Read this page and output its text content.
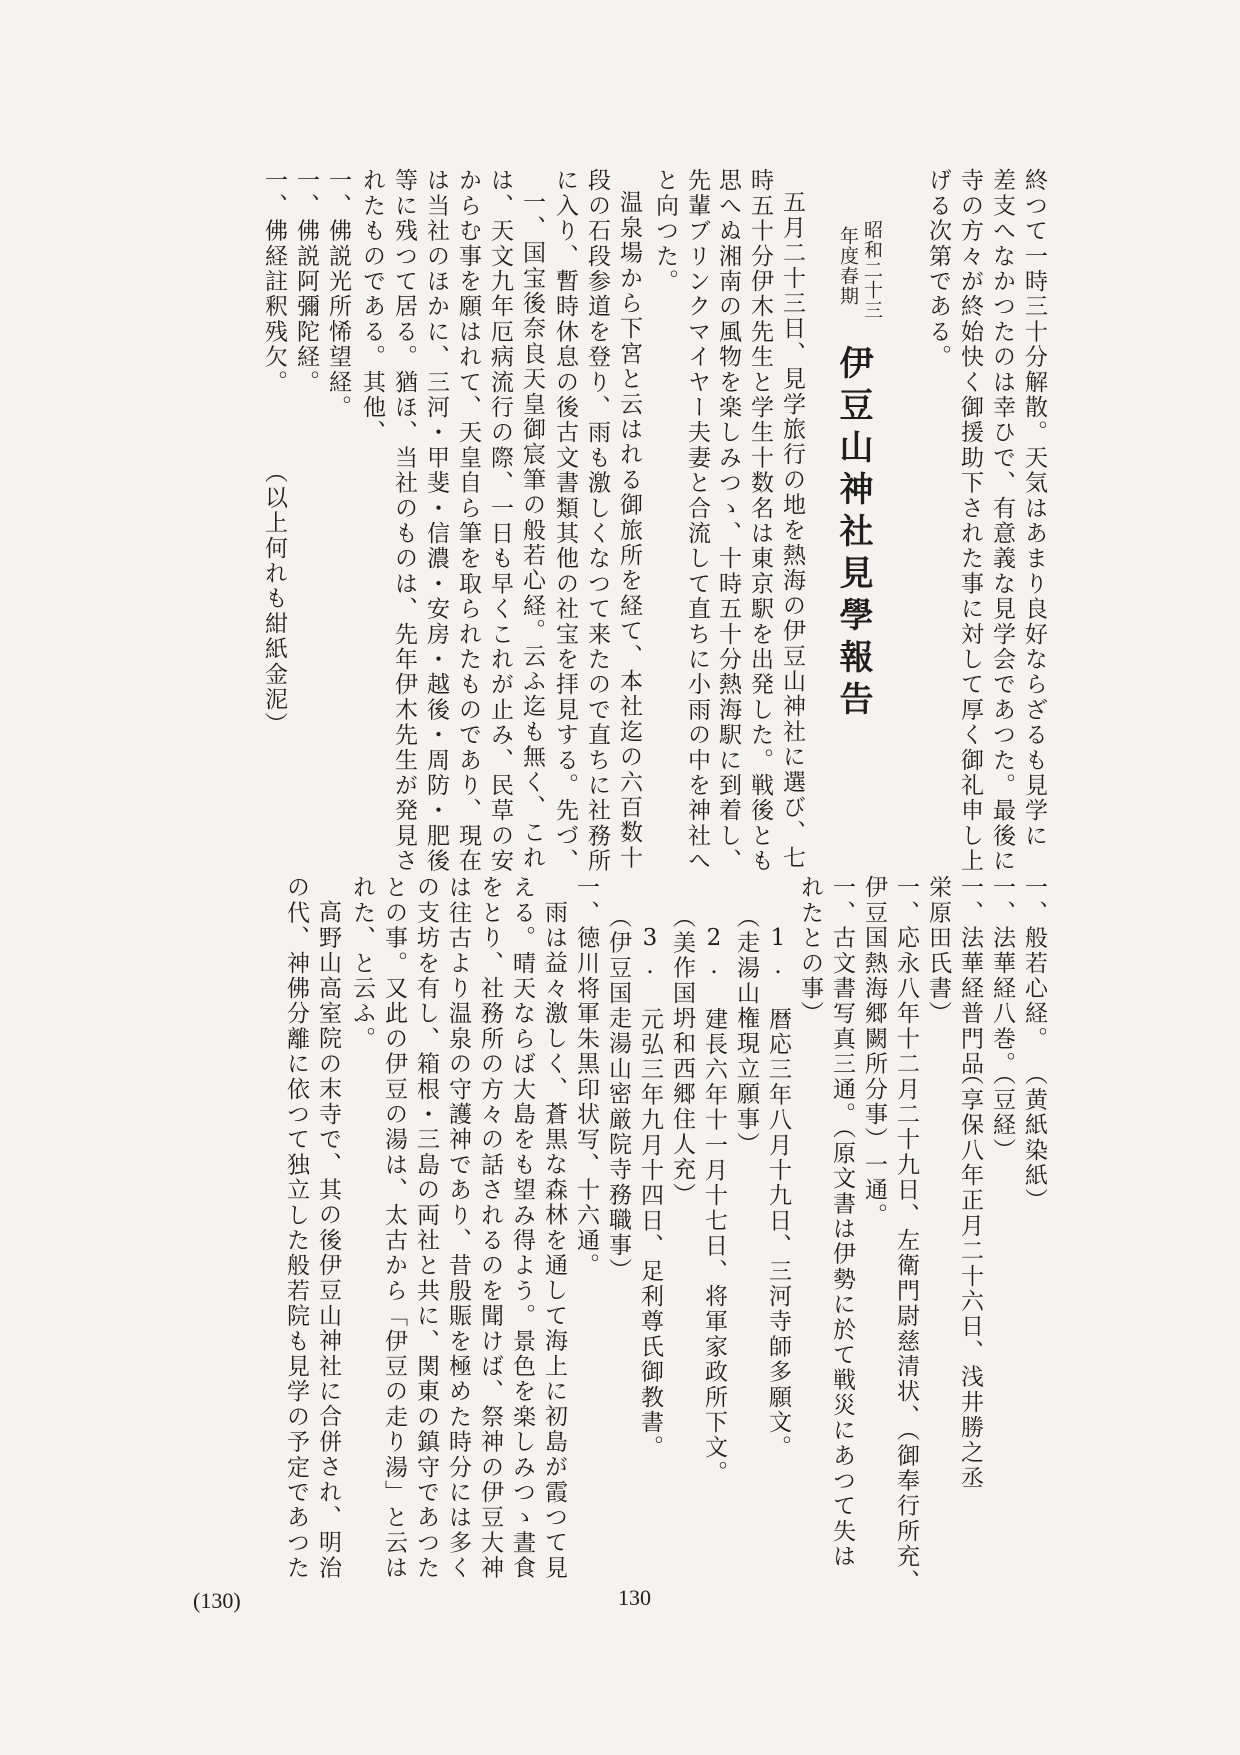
終つて一時三十分解散。天気はあまり良好ならざるも見学に
差支へなかつたのは幸ひで、有意義な見学会であつた。最後に
寺の方々が終始快く御援助下された事に対して厚く御礼申し上
げる次第である。
昭和二十三
年度春期
伊豆山神社見學報告
五月二十三日、見学旅行の地を熱海の伊豆山神社に選び、七
時五十分伊木先生と学生十数名は東京駅を出発した。戦後とも
思へぬ湘南の風物を楽しみつゝ、十時五十分熱海駅に到着し、
先輩ブリンクマイヤー夫妻と合流して直ちに小雨の中を神社へ
と向つた。
温泉場から下宮と云はれる御旅所を経て、本社迄の六百数十
段の石段参道を登り、雨も激しくなつて来たので直ちに社務所
に入り、暫時休息の後古文書類其他の社宝を拝見する。先づ、
一、国宝後奈良天皇御宸筆の般若心経。云ふ迄も無く、これ
は、天文九年厄病流行の際、一日も早くこれが止み、民草の安
からむ事を願はれて、天皇自ら筆を取られたものであり、現在
は当社のほかに、三河・甲斐・信濃・安房・越後・周防・肥後
等に残つて居る。猶ほ、当社のものは、先年伊木先生が発見さ
れたものである。其他、
一、佛説光所悕望経。
一、佛説阿彌陀経。
一、佛経註釈残欠。
（以上何れも紺紙金泥）
一、般若心経。
（黄紙染紙）
一、法華経八巻。
（豆経）
一、法華経普門品
（享保八年正月二十六日、浅井勝之丞
栄原田氏書）
一、応永八年十二月二十九日、左衛門尉慈清状、（御奉行所充、
伊豆国熱海郷闕所分事）一通。
一、古文書写真三通。（原文書は伊勢に於て戦災にあつて失は
れたとの事）
1.　暦応三年八月十九日、三河寺師多願文。
（走湯山権現立願事）
2.　建長六年十一月十七日、将軍家政所下文。
（美作国坍和西郷住人充）
3.　元弘三年九月十四日、足利尊氏御教書。
（伊豆国走湯山密厳院寺務職事）
一、徳川将軍朱黒印状写、十六通。
雨は益々激しく、蒼黒な森林を通して海上に初島が霞つて見
える。晴天ならば大島をも望み得よう。景色を楽しみつゝ晝食
をとり、社務所の方々の話されるのを聞けば、祭神の伊豆大神
は往古より温泉の守護神であり、昔殷賑を極めた時分には多く
の支坊を有し、箱根・三島の両社と共に、関東の鎮守であつた
との事。又此の伊豆の湯は、太古から「伊豆の走り湯」と云は
れた、と云ふ。
高野山高室院の末寺で、其の後伊豆山神社に合併され、明治
の代、神佛分離に依つて独立した般若院も見学の予定であつた
(130)	130
